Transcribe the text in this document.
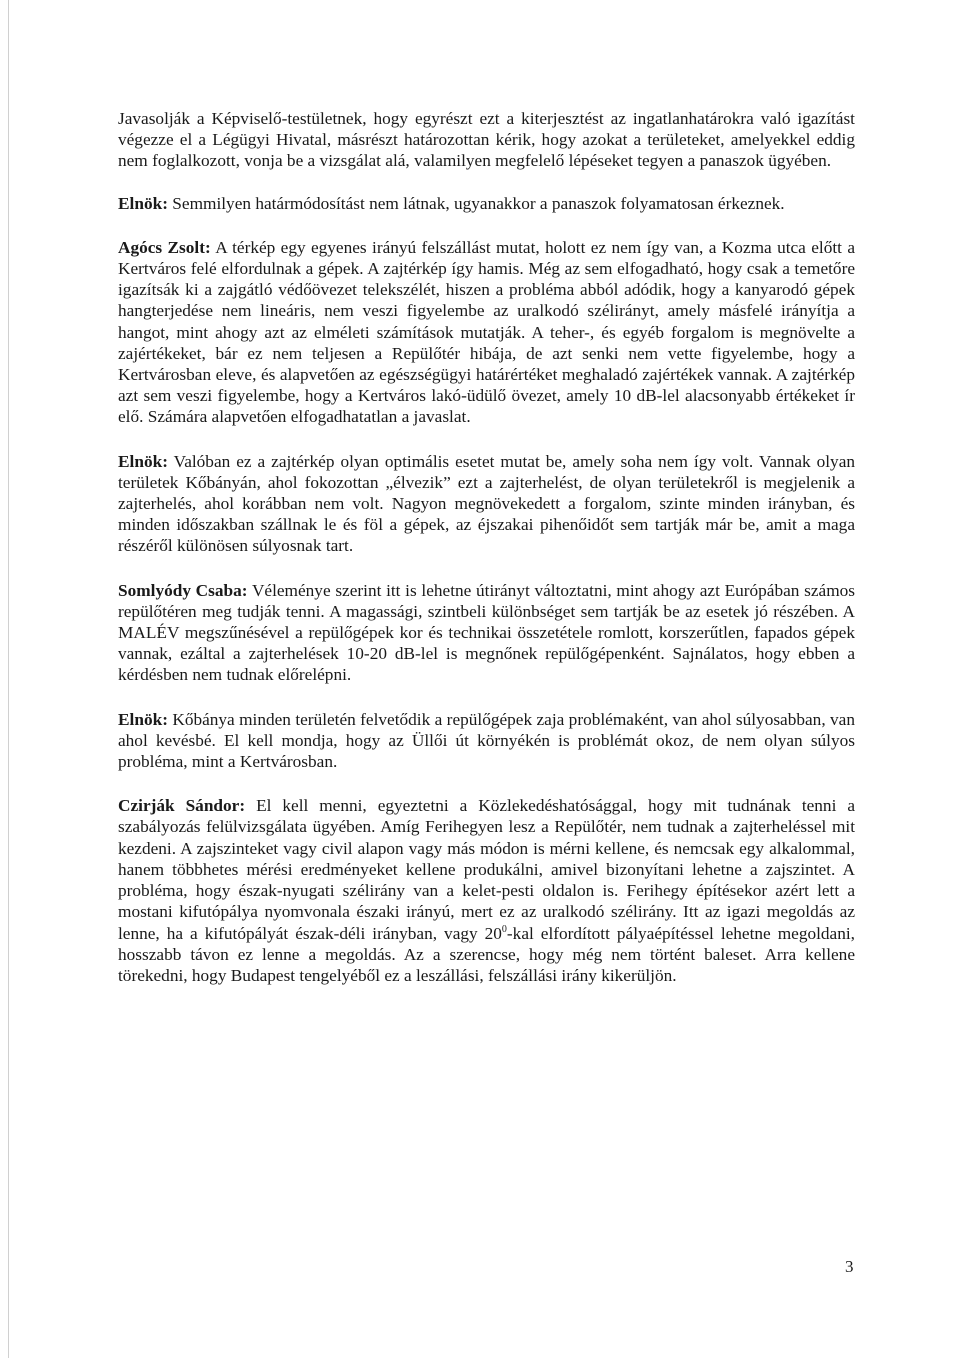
Javasolják a Képviselő-testületnek, hogy egyrészt ezt a kiterjesztést az ingatlanhatárokra való igazítást végezze el a Légügyi Hivatal, másrészt határozottan kérik, hogy azokat a területeket, amelyekkel eddig nem foglalkozott, vonja be a vizsgálat alá, valamilyen megfelelő lépéseket tegyen a panaszok ügyében.

Elnök: Semmilyen határmódosítást nem látnak, ugyanakkor a panaszok folyamatosan érkeznek.

Agócs Zsolt: A térkép egy egyenes irányú felszállást mutat, holott ez nem így van, a Kozma utca előtt a Kertváros felé elfordulnak a gépek. A zajtérkép így hamis. Még az sem elfogadható, hogy csak a temetőre igazítsák ki a zajgátló védőövezet telekszélét, hiszen a probléma abból adódik, hogy a kanyarodó gépek hangterjedése nem lineáris, nem veszi figyelembe az uralkodó szélirányt, amely másfelé irányítja a hangot, mint ahogy azt az elméleti számítások mutatják. A teher-, és egyéb forgalom is megnövelte a zajértékeket, bár ez nem teljesen a Repülőtér hibája, de azt senki nem vette figyelembe, hogy a Kertvárosban eleve, és alapvetően az egészségügyi határértéket meghaladó zajértékek vannak. A zajtérkép azt sem veszi figyelembe, hogy a Kertváros lakó-üdülő övezet, amely 10 dB-lel alacsonyabb értékeket ír elő. Számára alapvetően elfogadhatatlan a javaslat.

Elnök: Valóban ez a zajtérkép olyan optimális esetet mutat be, amely soha nem így volt. Vannak olyan területek Kőbányán, ahol fokozottan „élvezik” ezt a zajterhelést, de olyan területekről is megjelenik a zajterhelés, ahol korábban nem volt. Nagyon megnövekedett a forgalom, szinte minden irányban, és minden időszakban szállnak le és föl a gépek, az éjszakai pihenőidőt sem tartják már be, amit a maga részéről különösen súlyosnak tart.

Somlyódy Csaba: Véleménye szerint itt is lehetne útirányt változtatni, mint ahogy azt Európában számos repülőtéren meg tudják tenni. A magassági, szintbeli különbséget sem tartják be az esetek jó részében. A MALÉV megszűnésével a repülőgépek kor és technikai összetétele romlott, korszerűtlen, fapados gépek vannak, ezáltal a zajterhelések 10-20 dB-lel is megnőnek repülőgépenként. Sajnálatos, hogy ebben a kérdésben nem tudnak előrelépni.

Elnök: Kőbánya minden területén felvetődik a repülőgépek zaja problémaként, van ahol súlyosabban, van ahol kevésbé. El kell mondja, hogy az Üllői út környékén is problémát okoz, de nem olyan súlyos probléma, mint a Kertvárosban.

Czirják Sándor: El kell menni, egyeztetni a Közlekedéshatósággal, hogy mit tudnának tenni a szabályozás felülvizsgálata ügyében. Amíg Ferihegyen lesz a Repülőtér, nem tudnak a zajterheléssel mit kezdeni. A zajszinteket vagy civil alapon vagy más módon is mérni kellene, és nemcsak egy alkalommal, hanem többhetes mérési eredményeket kellene produkálni, amivel bizonyítani lehetne a zajszintet. A probléma, hogy észak-nyugati szélirány van a kelet-pesti oldalon is. Ferihegy építésekor azért lett a mostani kifutópálya nyomvonala északi irányú, mert ez az uralkodó szélirány. Itt az igazi megoldás az lenne, ha a kifutópályát észak-déli irányban, vagy $20^0$-kal elfordított pályaépítéssel lehetne megoldani, hosszabb távon ez lenne a megoldás. Az a szerencse, hogy még nem történt baleset. Arra kellene törekedni, hogy Budapest tengelyéből ez a leszállási, felszállási irány kikerüljön.

3
